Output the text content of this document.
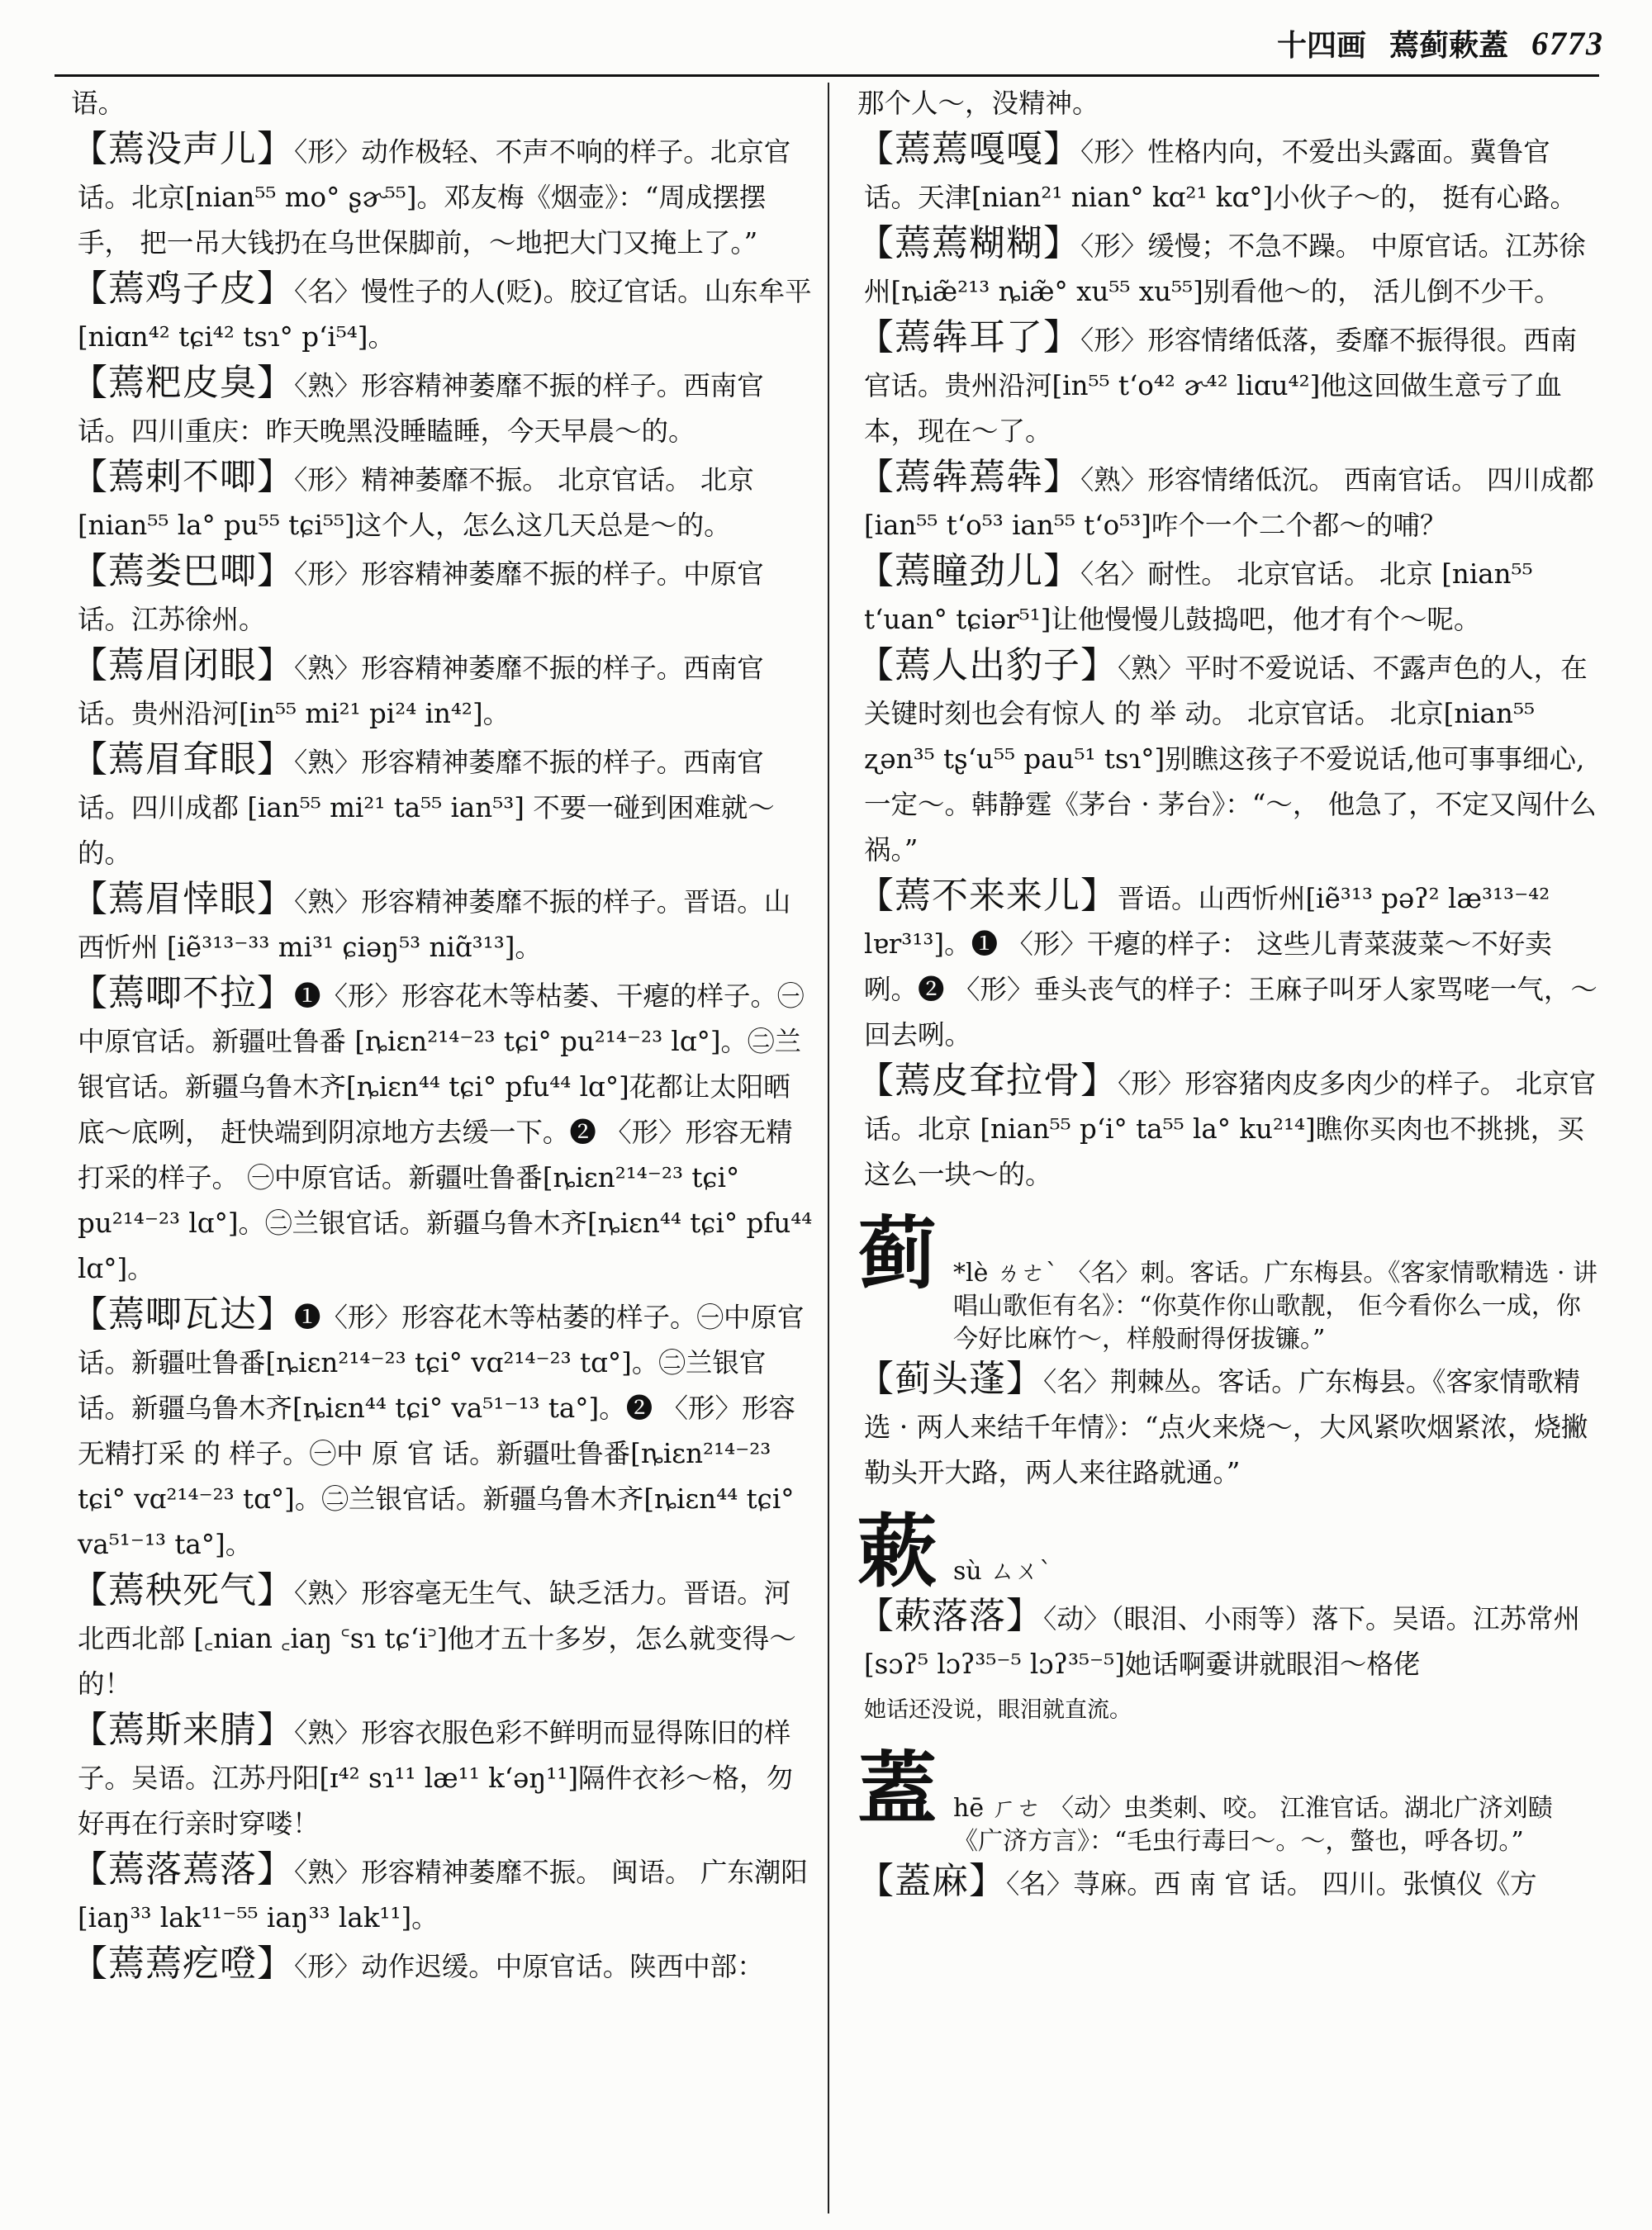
十四画 蔫蓟蔌蓋 6773

语。

【 蔫没声儿 】 〈形〉动作极轻、不声不响的样子。北京官话。北京[nian⁵⁵ mo° ʂɚ⁵⁵]。邓友梅《烟壶》：“周成摆摆手， 把一吊大钱扔在乌世保脚前，～地把大门又掩上了。”

【 蔫鸡子皮 】 〈名〉慢性子的人(贬)。胶辽官话。山东牟平[niɑn⁴² tɕi⁴² tsɿ° p‘i⁵⁴]。

【 蔫粑皮臭 】 〈熟〉形容精神萎靡不振的样子。西南官话。四川重庆：昨天晚黑没睡瞌睡，今天早晨～的。

【 蔫剌不唧 】 〈形〉精神萎靡不振。 北京官话。 北京[nian⁵⁵ la° pu⁵⁵ tɕi⁵⁵]这个人，怎么这几天总是～的。

【 蔫娄巴唧 】 〈形〉形容精神萎靡不振的样子。中原官话。江苏徐州。

【 蔫眉闭眼 】 〈熟〉形容精神萎靡不振的样子。西南官话。贵州沿河[in⁵⁵ mi²¹ pi²⁴ in⁴²]。

【 蔫眉耷眼 】 〈熟〉形容精神萎靡不振的样子。西南官话。四川成都 [ian⁵⁵ mi²¹ ta⁵⁵ ian⁵³] 不要一碰到困难就～的。

【 蔫眉悻眼 】 〈熟〉形容精神萎靡不振的样子。晋语。山西忻州 [iẽ³¹³⁻³³ mi³¹ ɕiəŋ⁵³ niɑ̃³¹³]。

【 蔫唧不拉 】 ❶〈形〉形容花木等枯萎、干瘪的样子。㊀中原官话。新疆吐鲁番 [ȵiɛn²¹⁴⁻²³ tɕi° pu²¹⁴⁻²³ lɑ°]。㊁兰银官话。新疆乌鲁木齐[ȵiɛn⁴⁴ tɕi° pfu⁴⁴ lɑ°]花都让太阳晒底～底咧， 赶快端到阴凉地方去缓一下。❷ 〈形〉形容无精打采的样子。 ㊀中原官话。新疆吐鲁番[ȵiɛn²¹⁴⁻²³ tɕi° pu²¹⁴⁻²³ lɑ°]。㊁兰银官话。新疆乌鲁木齐[ȵiɛn⁴⁴ tɕi° pfu⁴⁴ lɑ°]。

【 蔫唧瓦达 】 ❶〈形〉形容花木等枯萎的样子。㊀中原官话。新疆吐鲁番[ȵiɛn²¹⁴⁻²³ tɕi° vɑ²¹⁴⁻²³ tɑ°]。㊁兰银官话。新疆乌鲁木齐[ȵiɛn⁴⁴ tɕi° va⁵¹⁻¹³ ta°]。❷ 〈形〉形容无精打采 的 样子。㊀中 原 官 话。新疆吐鲁番[ȵiɛn²¹⁴⁻²³ tɕi° vɑ²¹⁴⁻²³ tɑ°]。㊁兰银官话。新疆乌鲁木齐[ȵiɛn⁴⁴ tɕi° va⁵¹⁻¹³ ta°]。

【 蔫秧死气 】 〈熟〉形容毫无生气、缺乏活力。晋语。河北西北部 [꜀nian ꜀iaŋ ꜂sɿ tɕ‘i꜄]他才五十多岁，怎么就变得～的！

【 蔫斯来腈 】 〈熟〉形容衣服色彩不鲜明而显得陈旧的样子。吴语。江苏丹阳[ɪ⁴² sɿ¹¹ læ¹¹ k‘əŋ¹¹]隔件衣衫～格，勿好再在行亲时穿喽！

【 蔫落蔫落 】 〈熟〉形容精神萎靡不振。 闽语。 广东潮阳[iaŋ³³ lak¹¹⁻⁵⁵ iaŋ³³ lak¹¹]。

【 蔫蔫疙噔 】 〈形〉动作迟缓。中原官话。陕西中部：

那个人～，没精神。

【 蔫蔫嘎嘎 】 〈形〉性格内向，不爱出头露面。冀鲁官话。天津[nian²¹ nian° kɑ²¹ kɑ°]小伙子～的， 挺有心路。

【 蔫蔫糊糊 】 〈形〉缓慢；不急不躁。 中原官话。江苏徐州[ȵiæ̃²¹³ ȵiæ̃° xu⁵⁵ xu⁵⁵]别看他～的， 活儿倒不少干。

【 蔫犇耳了 】 〈形〉形容情绪低落，委靡不振得很。西南官话。贵州沿河[in⁵⁵ t‘o⁴² ɚ⁴² liɑu⁴²]他这回做生意亏了血本，现在～了。

【 蔫犇蔫犇 】 〈熟〉形容情绪低沉。 西南官话。 四川成都 [ian⁵⁵ t‘o⁵³ ian⁵⁵ t‘o⁵³]咋个一个二个都～的哺？

【 蔫瞳劲儿 】 〈名〉耐性。 北京官话。 北京 [nian⁵⁵ t‘uan° tɕiər⁵¹]让他慢慢儿鼓捣吧，他才有个～呢。

【 蔫人出豹子 】 〈熟〉平时不爱说话、不露声色的人，在关键时刻也会有惊人 的 举 动。 北京官话。 北京[nian⁵⁵ ʐən³⁵ tʂ‘u⁵⁵ pau⁵¹ tsɿ°]别瞧这孩子不爱说话,他可事事细心,一定～。韩静霆《茅台 · 茅台》：“～， 他急了，不定又闯什么祸。”

【 蔫不来来儿 】 晋语。山西忻州[iẽ³¹³ pəʔ² læ³¹³⁻⁴² lɐr³¹³]。❶ 〈形〉干瘪的样子： 这些儿青菜菠菜～不好卖咧。❷ 〈形〉垂头丧气的样子：王麻子叫牙人家骂咾一气，～回去咧。

【 蔫皮耷拉骨 】 〈形〉形容猪肉皮多肉少的样子。 北京官话。北京 [nian⁵⁵ p‘i° ta⁵⁵ la° ku²¹⁴]瞧你买肉也不挑挑，买这么一块～的。

蓟 *lè ㄌㄜˋ 〈名〉刺。客话。广东梅县。《客家情歌精选 · 讲唱山歌佢有名》：“你莫作你山歌靓， 佢今看你么一成，你今好比麻竹～，样般耐得伢拔镰。”

【 蓟头蓬 】 〈名〉荆棘丛。客话。广东梅县。《客家情歌精选 · 两人来结千年情》：“点火来烧～，大风紧吹烟紧浓，烧撇勒头开大路，两人来往路就通。”

蔌 sù ㄙㄨˋ

【 蔌落落 】 〈动〉（眼泪、小雨等）落下。吴语。江苏常州[sɔʔ⁵ lɔʔ³⁵⁻⁵ lɔʔ³⁵⁻⁵]她话啊嫑讲就眼泪～格佬
她话还没说，眼泪就直流。

蓋 hē ㄏㄜ 〈动〉虫类刺、咬。 江淮官话。湖北广济刘赜《广济方言》：“毛虫行毒曰～。～，螫也，呼各切。”

【 蓋麻 】 〈名〉荨麻。西 南 官 话。 四川。张慎仪《方
